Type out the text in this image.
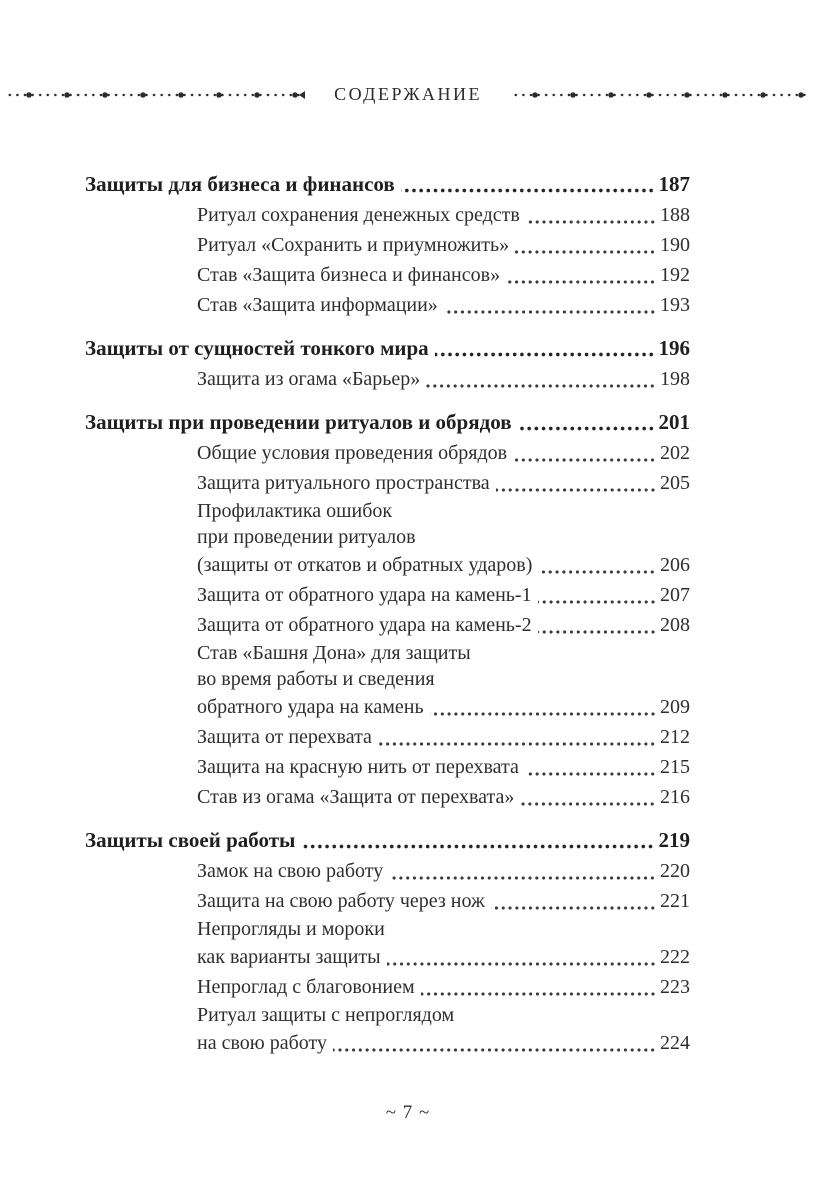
СОДЕРЖАНИЕ
Защиты для бизнеса и финансов	187
Ритуал сохранения денежных средств	188
Ритуал «Сохранить и приумножить»	190
Став «Защита бизнеса и финансов»	192
Став «Защита информации»	193
Защиты от сущностей тонкого мира	196
Защита из огама «Барьер»	198
Защиты при проведении ритуалов и обрядов	201
Общие условия проведения обрядов	202
Защита ритуального пространства	205
Профилактика ошибок
при проведении ритуалов
(защиты от откатов и обратных ударов)	206
Защита от обратного удара на камень-1	207
Защита от обратного удара на камень-2	208
Став «Башня Дона» для защиты
во время работы и сведения
обратного удара на камень	209
Защита от перехвата	212
Защита на красную нить от перехвата	215
Став из огама «Защита от перехвата»	216
Защиты своей работы	219
Замок на свою работу	220
Защита на свою работу через нож	221
Непрогляды и мороки
как варианты защиты	222
Непроглад с благовонием	223
Ритуал защиты с непроглядом
на свою работу	224
~ 7 ~
